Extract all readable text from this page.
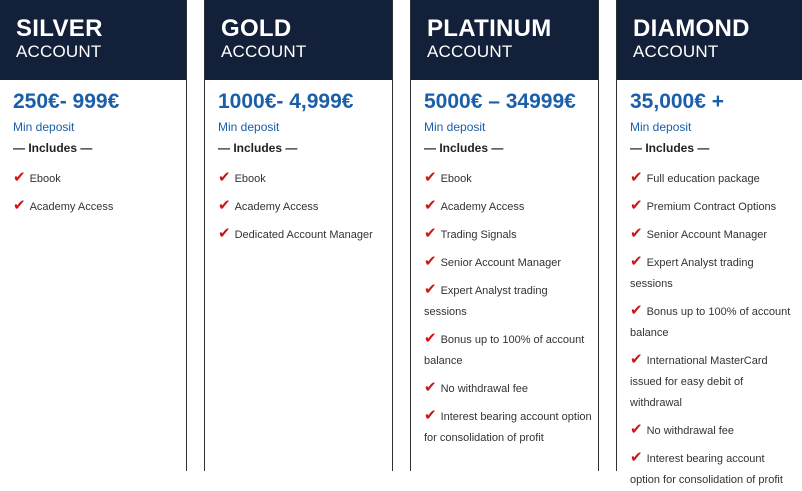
SILVER
ACCOUNT
250€- 999€
Min deposit
— Includes —
✔ Ebook
✔ Academy Access
GOLD
ACCOUNT
1000€- 4,999€
Min deposit
— Includes —
✔ Ebook
✔ Academy Access
✔ Dedicated Account Manager
PLATINUM
ACCOUNT
5000€ – 34999€
Min deposit
— Includes —
✔ Ebook
✔ Academy Access
✔ Trading Signals
✔ Senior Account Manager
✔ Expert Analyst trading sessions
✔ Bonus up to 100% of account balance
✔ No withdrawal fee
✔ Interest bearing account option for consolidation of profit
DIAMOND
ACCOUNT
35,000€ +
Min deposit
— Includes —
✔ Full education package
✔ Premium Contract Options
✔ Senior Account Manager
✔ Expert Analyst trading sessions
✔ Bonus up to 100% of account balance
✔ International MasterCard issued for easy debit of withdrawal
✔ No withdrawal fee
✔ Interest bearing account option for consolidation of profit
